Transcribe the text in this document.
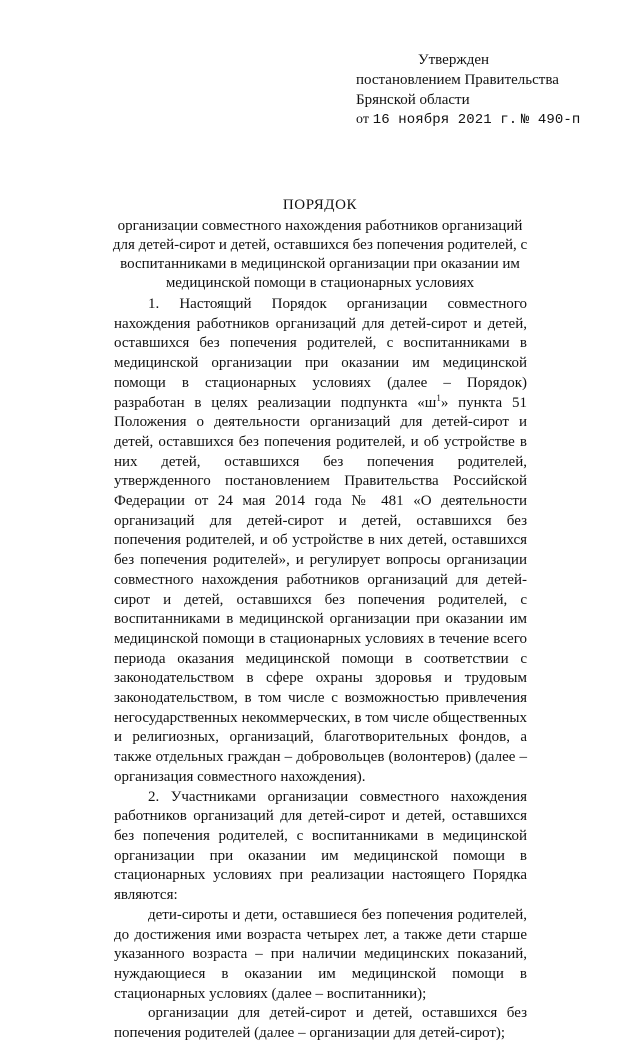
Утвержден
постановлением Правительства
Брянской области
от 16 ноября 2021 г. № 490-п
ПОРЯДОК
организации совместного нахождения работников организаций для детей-сирот и детей, оставшихся без попечения родителей, с воспитанниками в медицинской организации при оказании им медицинской помощи в стационарных условиях

1. Настоящий Порядок организации совместного нахождения работников организаций для детей-сирот и детей, оставшихся без попечения родителей, с воспитанниками в медицинской организации при оказании им медицинской помощи в стационарных условиях (далее – Порядок) разработан в целях реализации подпункта «$ш^1$» пункта 51 Положения о деятельности организаций для детей-сирот и детей, оставшихся без попечения родителей, и об устройстве в них детей, оставшихся без попечения родителей, утвержденного постановлением Правительства Российской Федерации от 24 мая 2014 года № 481 «О деятельности организаций для детей-сирот и детей, оставшихся без попечения родителей, и об устройстве в них детей, оставшихся без попечения родителей», и регулирует вопросы организации совместного нахождения работников организаций для детей-сирот и детей, оставшихся без попечения родителей, с воспитанниками в медицинской организации при оказании им медицинской помощи в стационарных условиях в течение всего периода оказания медицинской помощи в соответствии с законодательством в сфере охраны здоровья и трудовым законодательством, в том числе с возможностью привлечения негосударственных некоммерческих, в том числе общественных и религиозных, организаций, благотворительных фондов, а также отдельных граждан – добровольцев (волонтеров) (далее – организация совместного нахождения).

2. Участниками организации совместного нахождения работников организаций для детей-сирот и детей, оставшихся без попечения родителей, с воспитанниками в медицинской организации при оказании им медицинской помощи в стационарных условиях при реализации настоящего Порядка являются:

дети-сироты и дети, оставшиеся без попечения родителей, до достижения ими возраста четырех лет, а также дети старше указанного возраста – при наличии медицинских показаний, нуждающиеся в оказании им медицинской помощи в стационарных условиях (далее – воспитанники);

организации для детей-сирот и детей, оставшихся без попечения родителей (далее – организации для детей-сирот);
